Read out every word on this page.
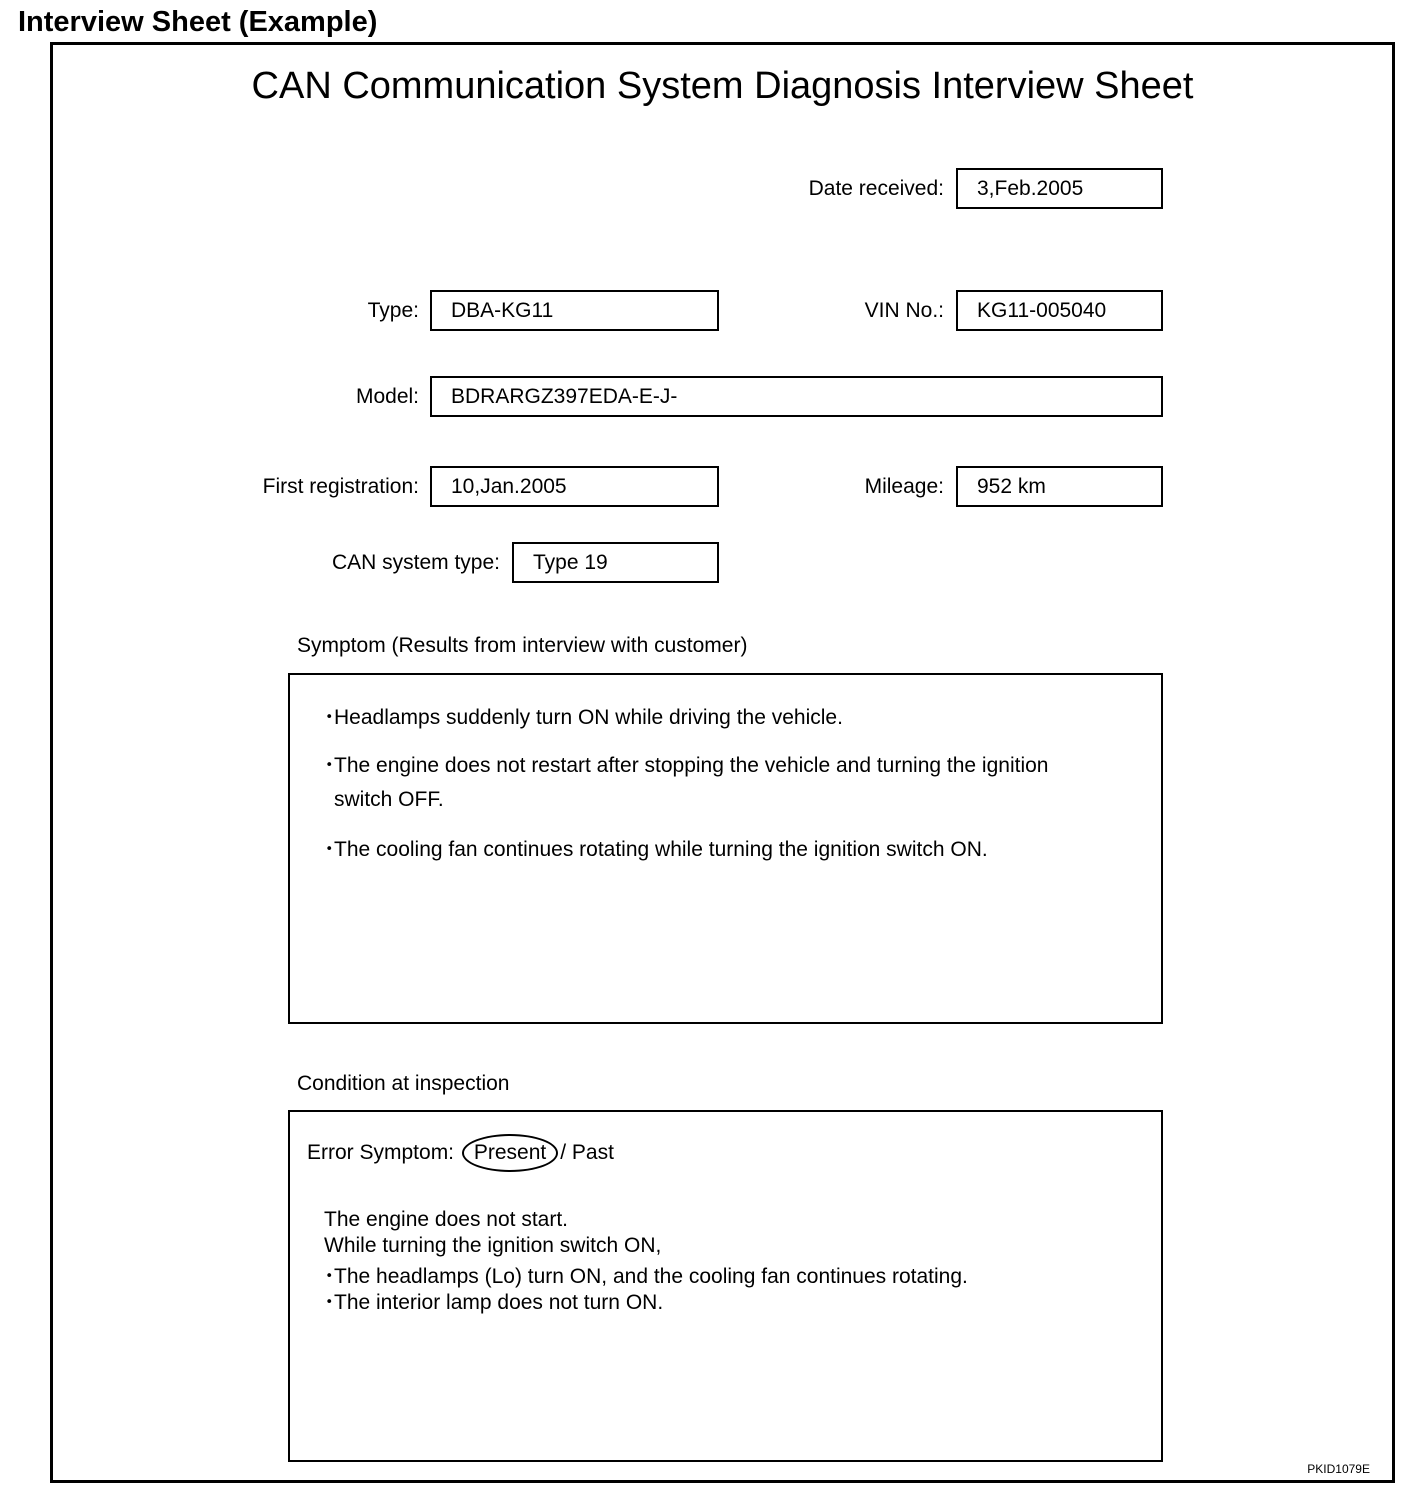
Interview Sheet (Example)
CAN Communication System Diagnosis Interview Sheet
Date received:	3,Feb.2005
Type:	DBA-KG11	VIN No.:	KG11-005040
Model:	BDRARGZ397EDA-E-J-
First registration:	10,Jan.2005	Mileage:	952 km
CAN system type:	Type 19
Symptom (Results from interview with customer)
･Headlamps suddenly turn ON while driving the vehicle.
･The engine does not restart after stopping the vehicle and turning the ignition
switch OFF.
･The cooling fan continues rotating while turning the ignition switch ON.
Condition at inspection
Error Symptom: Present / Past
The engine does not start.
While turning the ignition switch ON,
･The headlamps (Lo) turn ON, and the cooling fan continues rotating.
･The interior lamp does not turn ON.
PKID1079E
